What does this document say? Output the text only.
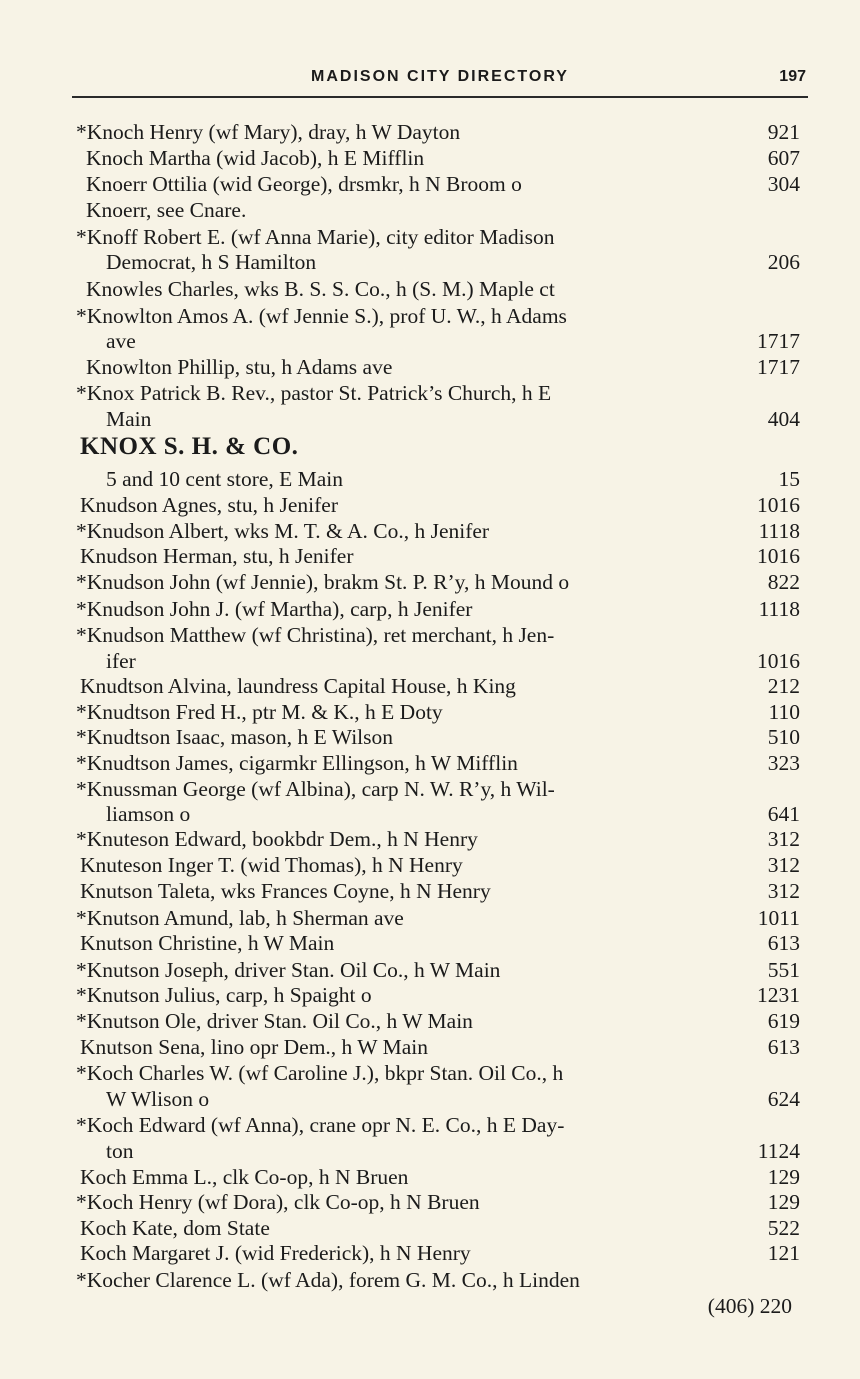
MADISON CITY DIRECTORY	197
*Knoch Henry (wf Mary), dray, h W Dayton	921
Knoch Martha (wid Jacob), h E Mifflin	607
Knoerr Ottilia (wid George), drsmkr, h N Broom o	304
Knoerr, see Cnare.
*Knoff Robert E. (wf Anna Marie), city editor Madison
Democrat, h S Hamilton	206
Knowles Charles, wks B. S. S. Co., h (S. M.) Maple ct
*Knowlton Amos A. (wf Jennie S.), prof U. W., h Adams
ave	1717
Knowlton Phillip, stu, h Adams ave	1717
*Knox Patrick B. Rev., pastor St. Patrick’s Church, h E
Main	404
KNOX S. H. & CO.
5 and 10 cent store, E Main	15
Knudson Agnes, stu, h Jenifer	1016
*Knudson Albert, wks M. T. & A. Co., h Jenifer	1118
Knudson Herman, stu, h Jenifer	1016
*Knudson John (wf Jennie), brakm St. P. R’y, h Mound o	822
*Knudson John J. (wf Martha), carp, h Jenifer	1118
*Knudson Matthew (wf Christina), ret merchant, h Jen-
ifer	1016
Knudtson Alvina, laundress Capital House, h King	212
*Knudtson Fred H., ptr M. & K., h E Doty	110
*Knudtson Isaac, mason, h E Wilson	510
*Knudtson James, cigarmkr Ellingson, h W Mifflin	323
*Knussman George (wf Albina), carp N. W. R’y, h Wil-
liamson o	641
*Knuteson Edward, bookbdr Dem., h N Henry	312
Knuteson Inger T. (wid Thomas), h N Henry	312
Knutson Taleta, wks Frances Coyne, h N Henry	312
*Knutson Amund, lab, h Sherman ave	1011
Knutson Christine, h W Main	613
*Knutson Joseph, driver Stan. Oil Co., h W Main	551
*Knutson Julius, carp, h Spaight o	1231
*Knutson Ole, driver Stan. Oil Co., h W Main	619
Knutson Sena, lino opr Dem., h W Main	613
*Koch Charles W. (wf Caroline J.), bkpr Stan. Oil Co., h
W Wlison o	624
*Koch Edward (wf Anna), crane opr N. E. Co., h E Day-
ton	1124
Koch Emma L., clk Co-op, h N Bruen	129
*Koch Henry (wf Dora), clk Co-op, h N Bruen	129
Koch Kate, dom State	522
Koch Margaret J. (wid Frederick), h N Henry	121
*Kocher Clarence L. (wf Ada), forem G. M. Co., h Linden
(406) 220
